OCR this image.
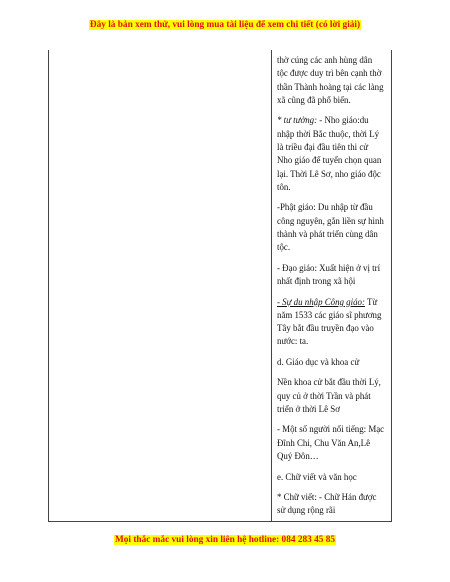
Đây là bản xem thử, vui lòng mua tài liệu để xem chi tiết (có lời giải)

thờ cúng các anh hùng dân tộc được duy trì bên cạnh thờ thần Thành hoàng tại các làng xã cũng đã phổ biến.

* tư tưởng: - Nho giáo:du nhập thời Bắc thuộc, thời Lý là triều đại đầu tiên thi cử Nho giáo để tuyển chọn quan lại. Thời Lê Sơ, nho giáo độc tôn.

-Phật giáo: Du nhập từ đầu công nguyên, gắn liền sự hình thành và phát triển cùng dân tộc.

- Đạo giáo: Xuất hiện ở vị trí nhất định trong xã hội

- Sự du nhập Công giáo: Từ năm 1533 các giáo sĩ phương Tây bắt đầu truyền đạo vào nước: ta.

d. Giáo dục và khoa cử

Nền khoa cử bắt đầu thời Lý, quy củ ở thời Trần và phát triển ở thời Lê Sơ

- Một số người nổi tiếng: Mạc Đĩnh Chi, Chu Văn An,Lê Quý Đôn…

e. Chữ viết và văn học

* Chữ viết: - Chữ Hán được sử dụng rộng rãi

Mọi thắc mắc vui lòng xin liên hệ hotline: 084 283 45 85
